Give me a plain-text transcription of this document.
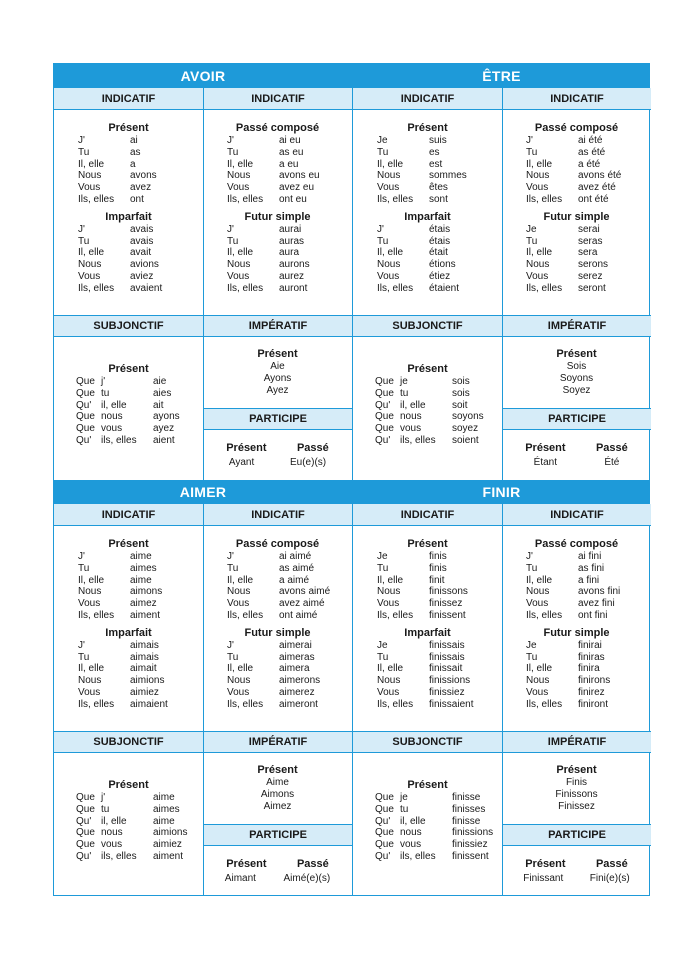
AVOIR
INDICATIF	INDICATIF
Présent
J'	ai
Tu	as
Il, elle	a
Nous	avons
Vous	avez
Ils, elles	ont
Imparfait
J'	avais
Tu	avais
Il, elle	avait
Nous	avions
Vous	aviez
Ils, elles	avaient
Passé composé
J'	ai eu
Tu	as eu
Il, elle	a eu
Nous	avons eu
Vous	avez eu
Ils, elles	ont eu
Futur simple
J'	aurai
Tu	auras
Il, elle	aura
Nous	aurons
Vous	aurez
Ils, elles	auront
SUBJONCTIF	IMPÉRATIF
Présent
Que j'	aie
Que tu	aies
Qu' il, elle	ait
Que nous	ayons
Que vous	ayez
Qu' ils, elles	aient
Présent
Aie
Ayons
Ayez
PARTICIPE
Présent	Passé
Ayant	Eu(e)(s)
ÊTRE
INDICATIF	INDICATIF
Présent
Je	suis
Tu	es
Il, elle	est
Nous	sommes
Vous	êtes
Ils, elles	sont
Imparfait
J'	étais
Tu	étais
Il, elle	était
Nous	étions
Vous	étiez
Ils, elles	étaient
Passé composé
J'	ai été
Tu	as été
Il, elle	a été
Nous	avons été
Vous	avez été
Ils, elles	ont été
Futur simple
Je	serai
Tu	seras
Il, elle	sera
Nous	serons
Vous	serez
Ils, elles	seront
SUBJONCTIF	IMPÉRATIF
Présent
Que je	sois
Que tu	sois
Qu' il, elle	soit
Que nous	soyons
Que vous	soyez
Qu' ils, elles	soient
Présent
Sois
Soyons
Soyez
PARTICIPE
Présent	Passé
Étant	Été
AIMER
INDICATIF	INDICATIF
Présent
J'	aime
Tu	aimes
Il, elle	aime
Nous	aimons
Vous	aimez
Ils, elles	aiment
Imparfait
J'	aimais
Tu	aimais
Il, elle	aimait
Nous	aimions
Vous	aimiez
Ils, elles	aimaient
Passé composé
J'	ai aimé
Tu	as aimé
Il, elle	a aimé
Nous	avons aimé
Vous	avez aimé
Ils, elles	ont aimé
Futur simple
J'	aimerai
Tu	aimeras
Il, elle	aimera
Nous	aimerons
Vous	aimerez
Ils, elles	aimeront
SUBJONCTIF	IMPÉRATIF
Présent
Que j'	aime
Que tu	aimes
Qu' il, elle	aime
Que nous	aimions
Que vous	aimiez
Qu' ils, elles	aiment
Présent
Aime
Aimons
Aimez
PARTICIPE
Présent	Passé
Aimant	Aimé(e)(s)
FINIR
INDICATIF	INDICATIF
Présent
Je	finis
Tu	finis
Il, elle	finit
Nous	finissons
Vous	finissez
Ils, elles	finissent
Imparfait
Je	finissais
Tu	finissais
Il, elle	finissait
Nous	finissions
Vous	finissiez
Ils, elles	finissaient
Passé composé
J'	ai fini
Tu	as fini
Il, elle	a fini
Nous	avons fini
Vous	avez fini
Ils, elles	ont fini
Futur simple
Je	finirai
Tu	finiras
Il, elle	finira
Nous	finirons
Vous	finirez
Ils, elles	finiront
SUBJONCTIF	IMPÉRATIF
Présent
Que je	finisse
Que tu	finisses
Qu' il, elle	finisse
Que nous	finissions
Que vous	finissiez
Qu' ils, elles	finissent
Présent
Finis
Finissons
Finissez
PARTICIPE
Présent	Passé
Finissant	Fini(e)(s)
